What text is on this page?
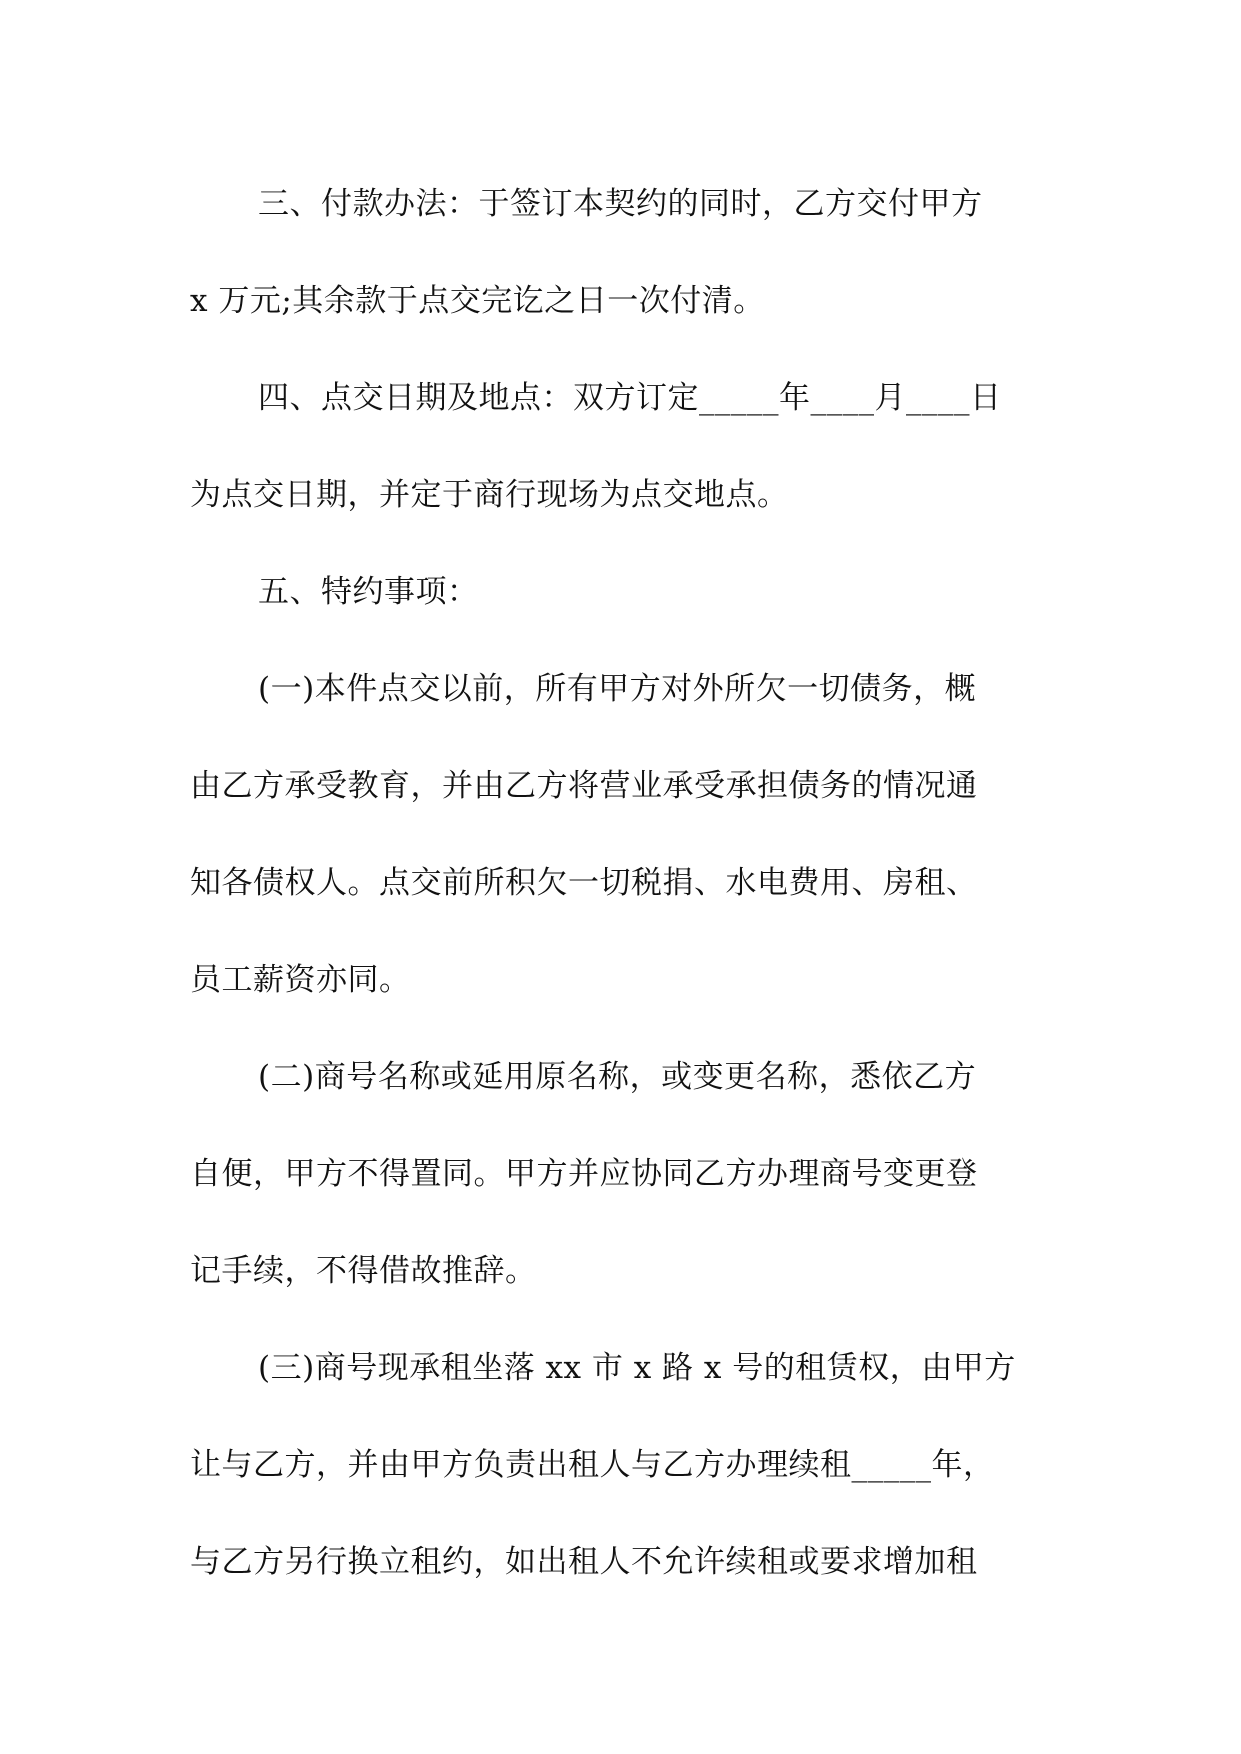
三、付款办法：于签订本契约的同时，乙方交付甲方
x 万元;其余款于点交完讫之日一次付清。
四、点交日期及地点：双方订定_____年____月____日
为点交日期，并定于商行现场为点交地点。
五、特约事项：
(一)本件点交以前，所有甲方对外所欠一切债务，概
由乙方承受教育，并由乙方将营业承受承担债务的情况通
知各债权人。点交前所积欠一切税捐、水电费用、房租、
员工薪资亦同。
(二)商号名称或延用原名称，或变更名称，悉依乙方
自便，甲方不得置同。甲方并应协同乙方办理商号变更登
记手续，不得借故推辞。
(三)商号现承租坐落 xx 市 x 路 x 号的租赁权，由甲方
让与乙方，并由甲方负责出租人与乙方办理续租_____年，
与乙方另行换立租约，如出租人不允许续租或要求增加租
